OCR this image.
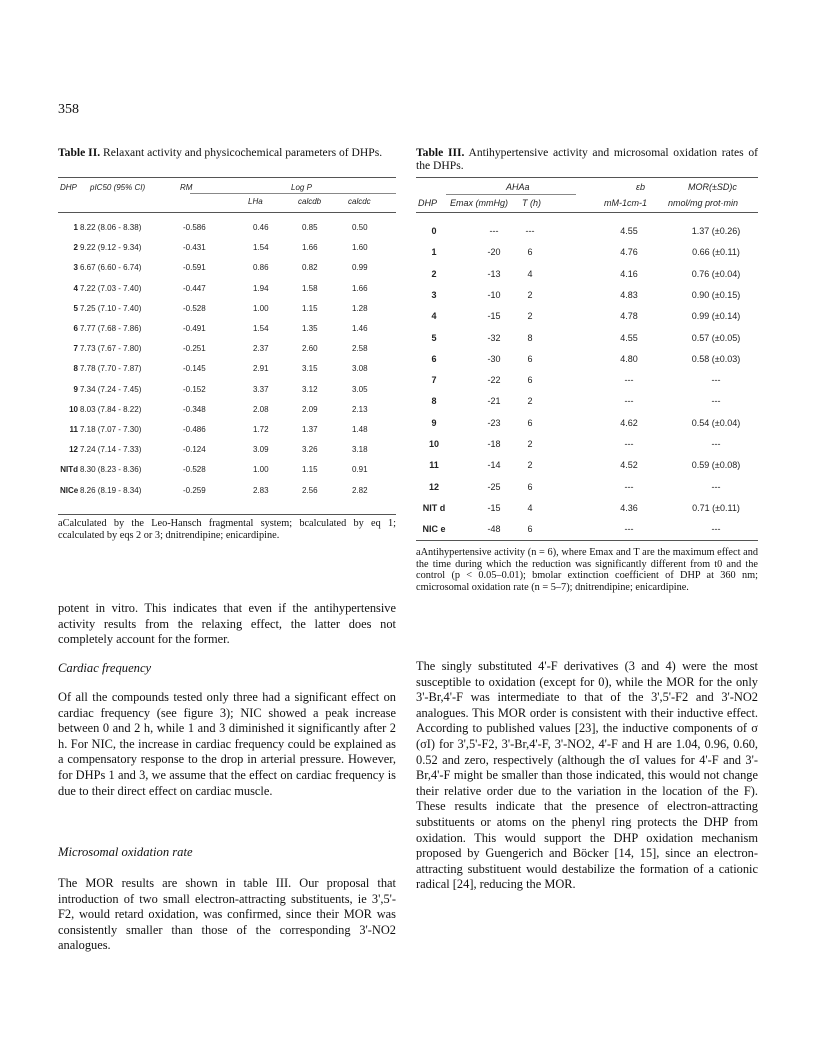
358
Table II. Relaxant activity and physicochemical parameters of DHPs.
DHP pIC50 (95% CI)	RM	Log P
LHa	calcdb	calcdc
1 8.22 (8.06 - 8.38)	-0.586	0.46	0.85	0.50
2 9.22 (9.12 - 9.34)	-0.431	1.54	1.66	1.60
3 6.67 (6.60 - 6.74)	-0.591	0.86	0.82	0.99
4 7.22 (7.03 - 7.40)	-0.447	1.94	1.58	1.66
5 7.25 (7.10 - 7.40)	-0.528	1.00	1.15	1.28
6 7.77 (7.68 - 7.86)	-0.491	1.54	1.35	1.46
7 7.73 (7.67 - 7.80)	-0.251	2.37	2.60	2.58
8 7.78 (7.70 - 7.87)	-0.145	2.91	3.15	3.08
9 7.34 (7.24 - 7.45)	-0.152	3.37	3.12	3.05
10 8.03 (7.84 - 8.22)	-0.348	2.08	2.09	2.13
11 7.18 (7.07 - 7.30)	-0.486	1.72	1.37	1.48
12 7.24 (7.14 - 7.33)	-0.124	3.09	3.26	3.18
NITd 8.30 (8.23 - 8.36)	-0.528	1.00	1.15	0.91
NICe 8.26 (8.19 - 8.34)	-0.259	2.83	2.56	2.82
aCalculated by the Leo-Hansch fragmental system; bcalculated by eq 1; ccalculated by eqs 2 or 3; dnitrendipine; enicardipine.
Table III. Antihypertensive activity and microsomal oxidation rates of the DHPs.
AHAa	εb	MOR(±SD)c
DHP Emax (mmHg) T (h)	mM-1cm-1 nmol/mg prot·min
0	---	---	4.55	1.37 (±0.26)
1	-20	6	4.76	0.66 (±0.11)
2	-13	4	4.16	0.76 (±0.04)
3	-10	2	4.83	0.90 (±0.15)
4	-15	2	4.78	0.99 (±0.14)
5	-32	8	4.55	0.57 (±0.05)
6	-30	6	4.80	0.58 (±0.03)
7	-22	6	---	---
8	-21	2	---	---
9	-23	6	4.62	0.54 (±0.04)
10	-18	2	---	---
11	-14	2	4.52	0.59 (±0.08)
12	-25	6	---	---
NIT d	-15	4	4.36	0.71 (±0.11)
NIC e	-48	6	---	---
aAntihypertensive activity (n = 6), where Emax and T are the maximum effect and the time during which the reduction was significantly different from t0 and the control (p < 0.05–0.01); bmolar extinction coefficient of DHP at 360 nm; cmicrosomal oxidation rate (n = 5–7); dnitrendipine; enicardipine.
potent in vitro. This indicates that even if the antihypertensive activity results from the relaxing effect, the latter does not completely account for the former.
Cardiac frequency
Of all the compounds tested only three had a significant effect on cardiac frequency (see figure 3); NIC showed a peak increase between 0 and 2 h, while 1 and 3 diminished it significantly after 2 h. For NIC, the increase in cardiac frequency could be explained as a compensatory response to the drop in arterial pressure. However, for DHPs 1 and 3, we assume that the effect on cardiac frequency is due to their direct effect on cardiac muscle.
Microsomal oxidation rate
The MOR results are shown in table III. Our proposal that introduction of two small electron-attracting substituents, ie 3',5'-F2, would retard oxidation, was confirmed, since their MOR was consistently smaller than those of the corresponding 3'-NO2 analogues.
The singly substituted 4'-F derivatives (3 and 4) were the most susceptible to oxidation (except for 0), while the MOR for the only 3'-Br,4'-F was intermediate to that of the 3',5'-F2 and 3'-NO2 analogues. This MOR order is consistent with their inductive effect. According to published values [23], the inductive components of σ (σI) for 3',5'-F2, 3'-Br,4'-F, 3'-NO2, 4'-F and H are 1.04, 0.96, 0.60, 0.52 and zero, respectively (although the σI values for 4'-F and 3'-Br,4'-F might be smaller than those indicated, this would not change their relative order due to the variation in the location of the F). These results indicate that the presence of electron-attracting substituents or atoms on the phenyl ring protects the DHP from oxidation. This would support the DHP oxidation mechanism proposed by Guengerich and Böcker [14, 15], since an electron-attracting substituent would destabilize the formation of a cationic radical [24], reducing the MOR.
